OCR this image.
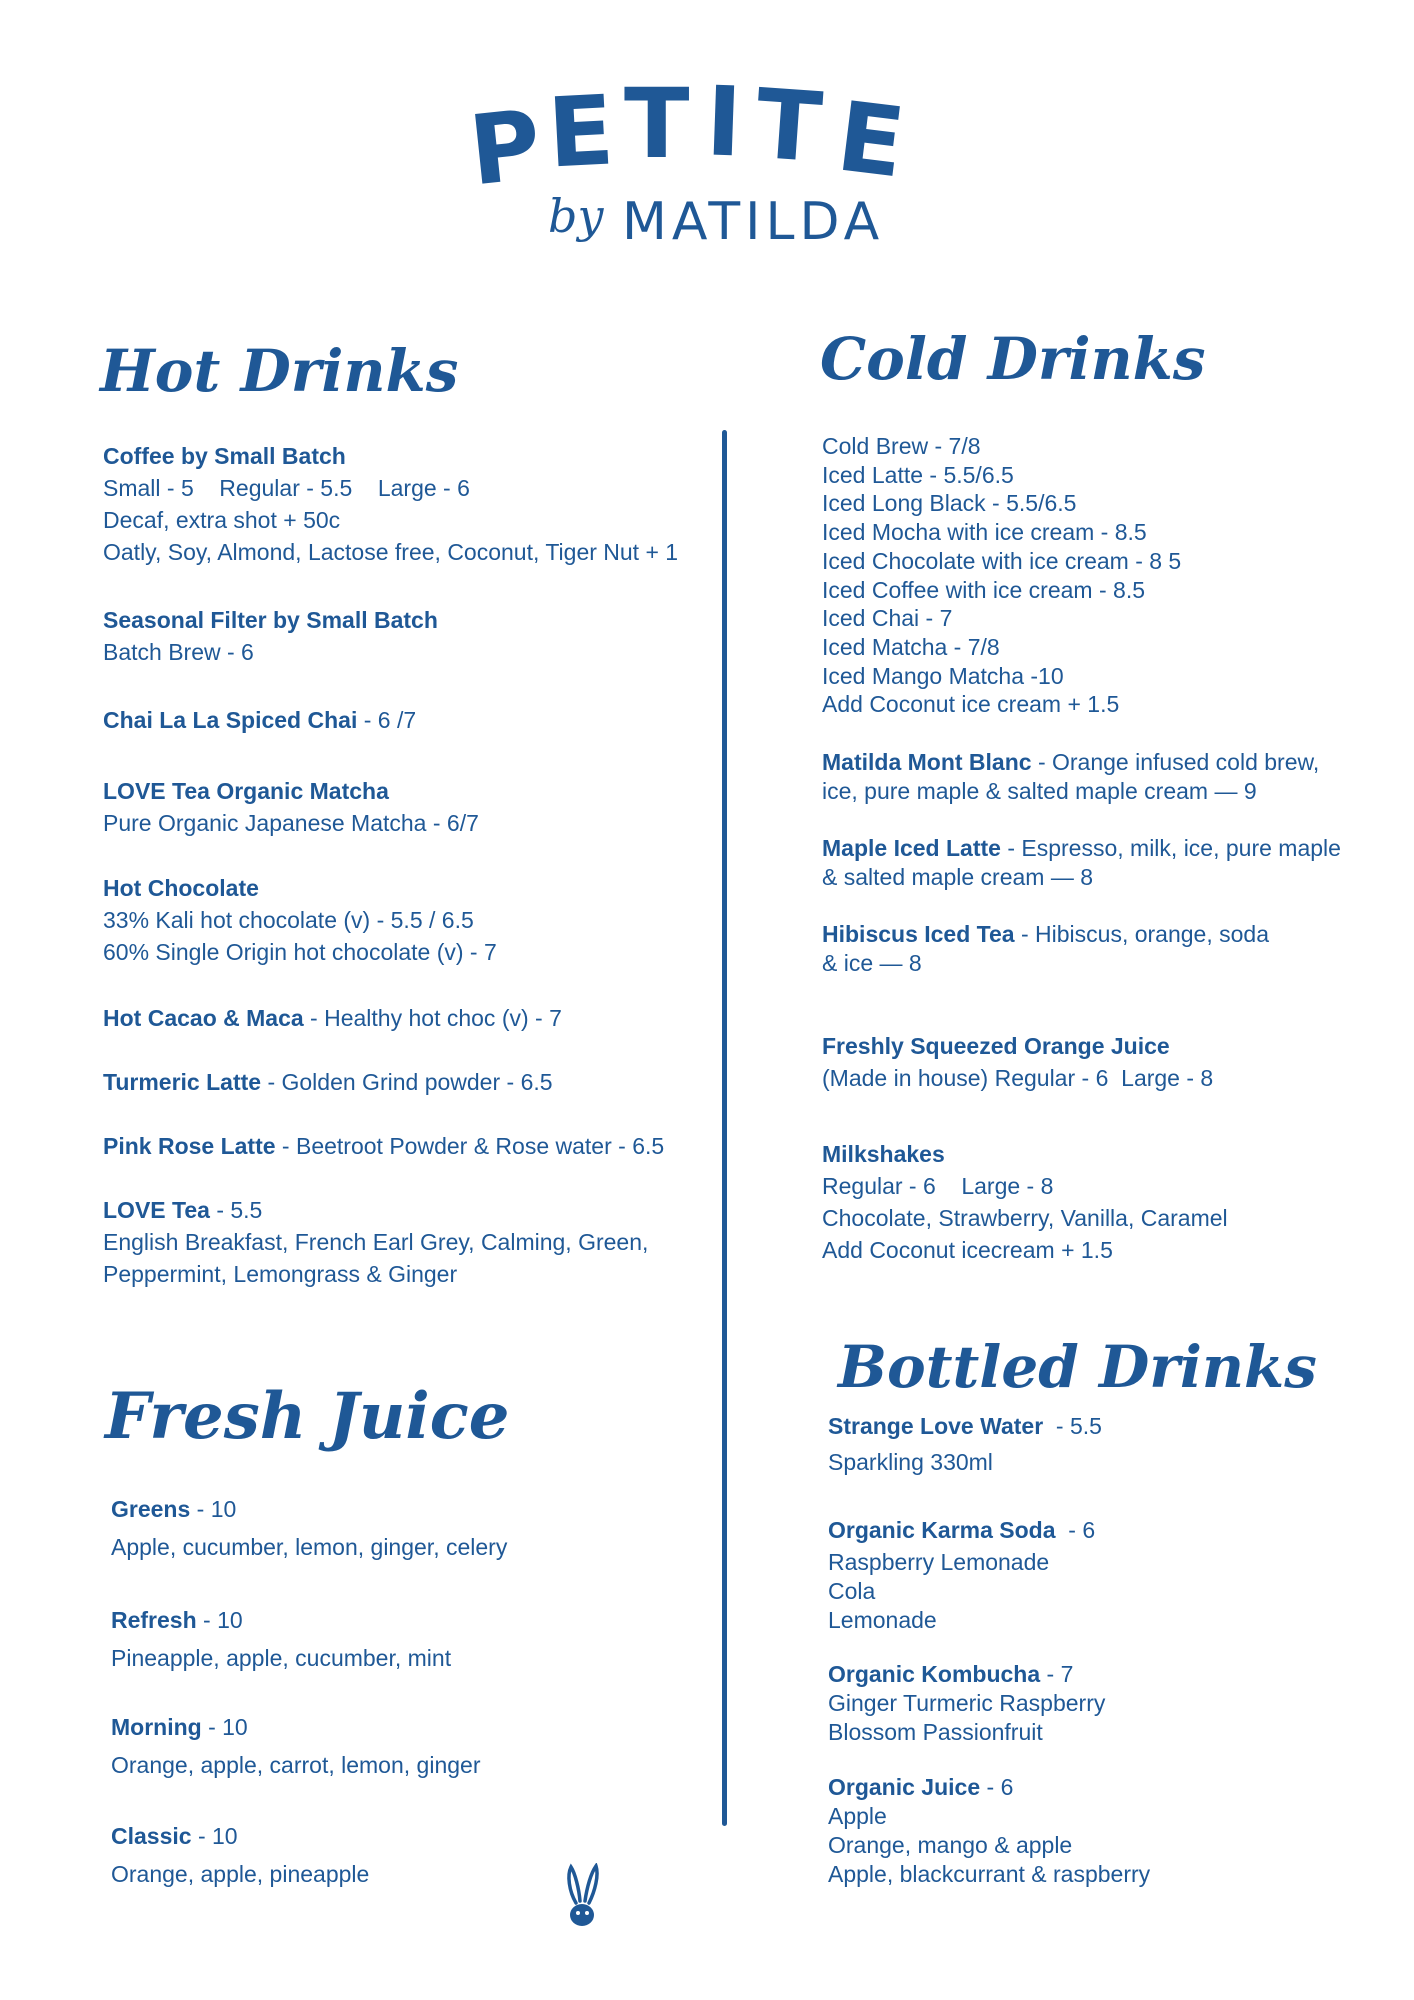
P E T I T E
by MATILDA
Hot Drinks	Cold Drinks
Fresh Juice
Bottled Drinks
Coffee by Small Batch
Small - 5    Regular - 5.5    Large - 6
Decaf, extra shot + 50c
Oatly, Soy, Almond, Lactose free, Coconut, Tiger Nut + 1
Seasonal Filter by Small Batch
Batch Brew - 6
Chai La La Spiced Chai - 6 /7
LOVE Tea Organic Matcha
Pure Organic Japanese Matcha - 6/7
Hot Chocolate
33% Kali hot chocolate (v) - 5.5 / 6.5
60% Single Origin hot chocolate (v) - 7
Hot Cacao & Maca - Healthy hot choc (v) - 7
Turmeric Latte - Golden Grind powder - 6.5
Pink Rose Latte - Beetroot Powder & Rose water - 6.5
LOVE Tea - 5.5
English Breakfast, French Earl Grey, Calming, Green,
Peppermint, Lemongrass & Ginger
Greens - 10
Apple, cucumber, lemon, ginger, celery
Refresh - 10
Pineapple, apple, cucumber, mint
Morning - 10
Orange, apple, carrot, lemon, ginger
Classic - 10
Orange, apple, pineapple
Cold Brew - 7/8
Iced Latte - 5.5/6.5
Iced Long Black - 5.5/6.5
Iced Mocha with ice cream - 8.5
Iced Chocolate with ice cream - 8 5
Iced Coffee with ice cream - 8.5
Iced Chai - 7
Iced Matcha - 7/8
Iced Mango Matcha -10
Add Coconut ice cream + 1.5
Matilda Mont Blanc - Orange infused cold brew,
ice, pure maple & salted maple cream — 9
Maple Iced Latte - Espresso, milk, ice, pure maple
& salted maple cream — 8
Hibiscus Iced Tea - Hibiscus, orange, soda
& ice — 8
Freshly Squeezed Orange Juice
(Made in house) Regular - 6  Large - 8
Milkshakes
Regular - 6    Large - 8
Chocolate, Strawberry, Vanilla, Caramel
Add Coconut icecream + 1.5
Strange Love Water  - 5.5
Sparkling 330ml
Organic Karma Soda  - 6
Raspberry Lemonade
Cola
Lemonade
Organic Kombucha - 7
Ginger Turmeric Raspberry
Blossom Passionfruit
Organic Juice - 6
Apple
Orange, mango & apple
Apple, blackcurrant & raspberry
